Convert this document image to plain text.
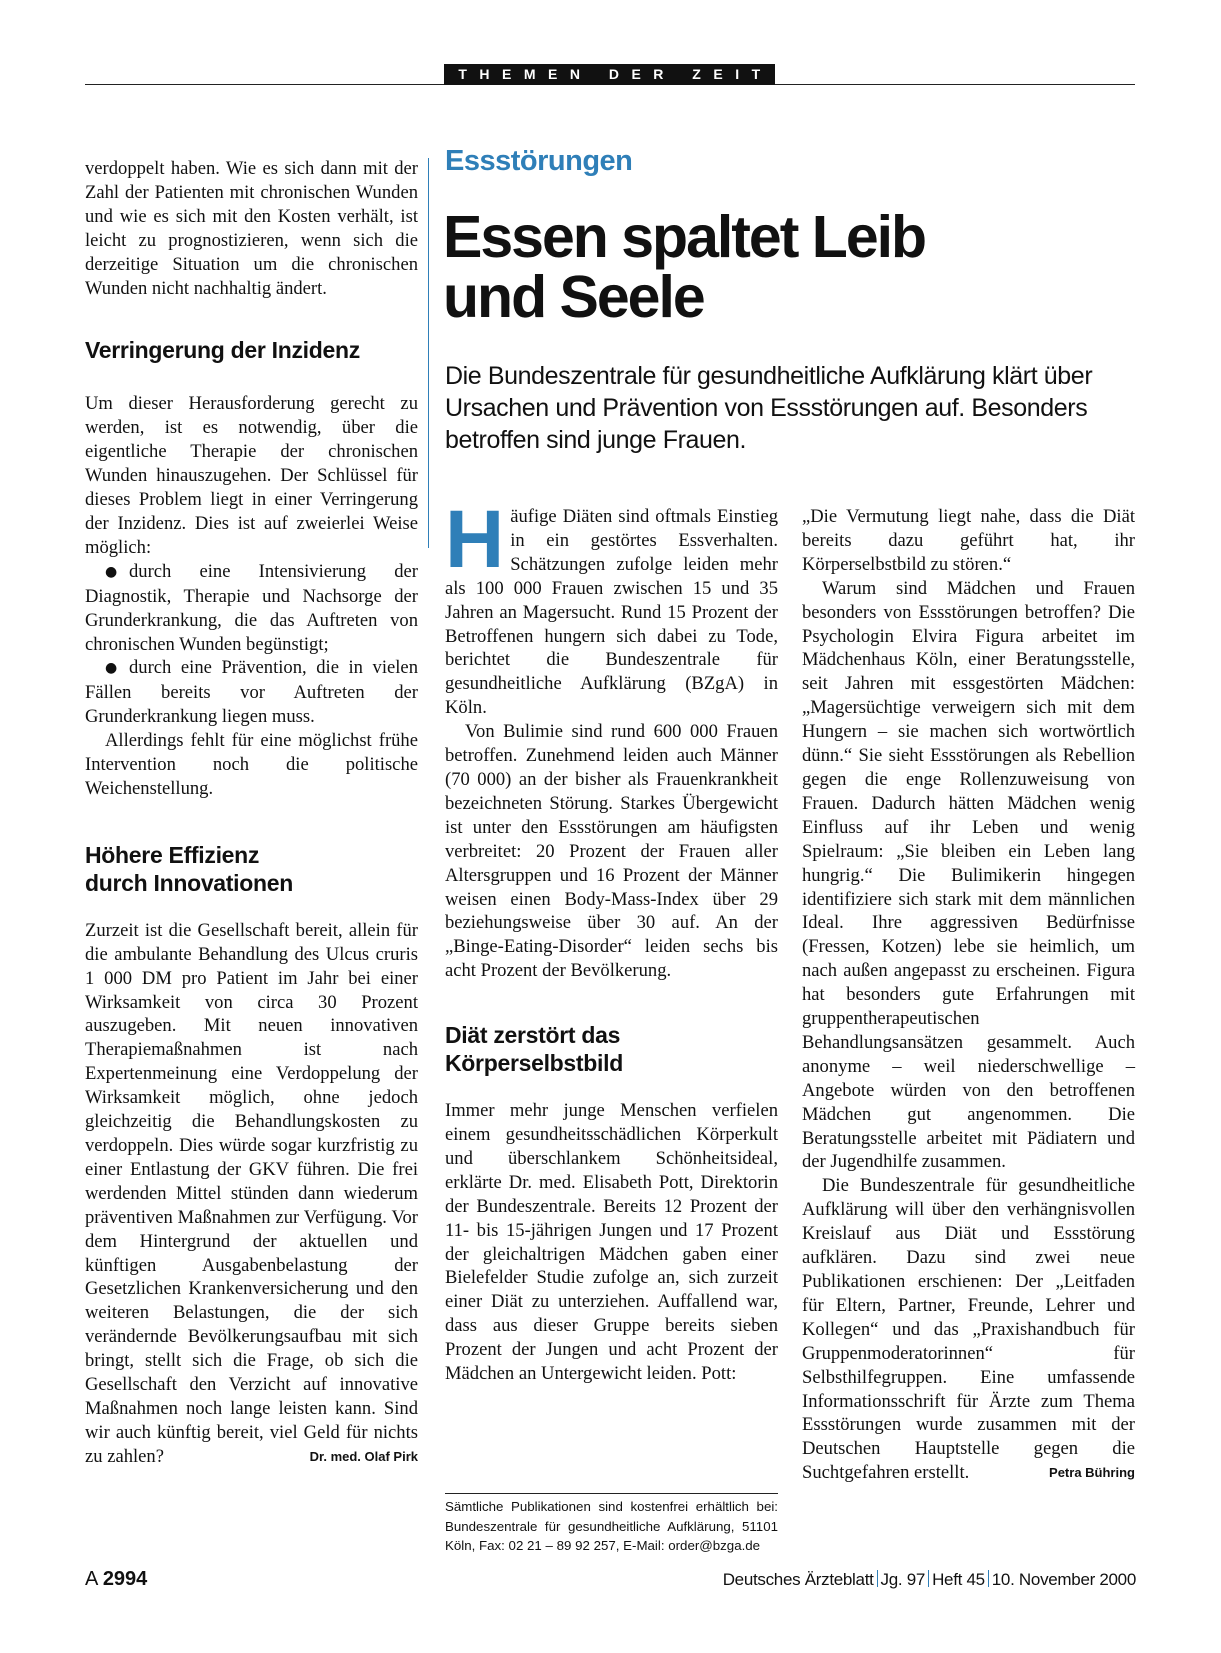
THEMEN DER ZEIT

verdoppelt haben. Wie es sich dann mit der Zahl der Patienten mit chronischen Wunden und wie es sich mit den Kosten verhält, ist leicht zu prognostizieren, wenn sich die derzeitige Situation um die chronischen Wunden nicht nachhaltig ändert.

Verringerung der Inzidenz

Um dieser Herausforderung gerecht zu werden, ist es notwendig, über die eigentliche Therapie der chronischen Wunden hinauszugehen. Der Schlüssel für dieses Problem liegt in einer Verringerung der Inzidenz. Dies ist auf zweierlei Weise möglich:

● durch eine Intensivierung der Diagnostik, Therapie und Nachsorge der Grunderkrankung, die das Auftreten von chronischen Wunden begünstigt;

● durch eine Prävention, die in vielen Fällen bereits vor Auftreten der Grunderkrankung liegen muss.

Allerdings fehlt für eine möglichst frühe Intervention noch die politische Weichenstellung.

Höhere Effizienz
durch Innovationen

Zurzeit ist die Gesellschaft bereit, allein für die ambulante Behandlung des Ulcus cruris 1 000 DM pro Patient im Jahr bei einer Wirksamkeit von circa 30 Prozent auszugeben. Mit neuen innovativen Therapiemaßnahmen ist nach Expertenmeinung eine Verdoppelung der Wirksamkeit möglich, ohne jedoch gleichzeitig die Behandlungskosten zu verdoppeln. Dies würde sogar kurzfristig zu einer Entlastung der GKV führen. Die frei werdenden Mittel stünden dann wiederum präventiven Maßnahmen zur Verfügung. Vor dem Hintergrund der aktuellen und künftigen Ausgabenbelastung der Gesetzlichen Krankenversicherung und den weiteren Belastungen, die der sich verändernde Bevölkerungsaufbau mit sich bringt, stellt sich die Frage, ob sich die Gesellschaft den Verzicht auf innovative Maßnahmen noch lange leisten kann. Sind wir auch künftig bereit, viel Geld für nichts zu zahlen?	Dr. med. Olaf Pirk

Essstörungen
Essen spaltet Leib
und Seele
Die Bundeszentrale für gesundheitliche Aufklärung klärt über Ursachen und Prävention von Essstörungen auf. Besonders betroffen sind junge Frauen.

Häufige Diäten sind oftmals Einstieg in ein gestörtes Essverhalten. Schätzungen zufolge leiden mehr als 100 000 Frauen zwischen 15 und 35 Jahren an Magersucht. Rund 15 Prozent der Betroffenen hungern sich dabei zu Tode, berichtet die Bundeszentrale für gesundheitliche Aufklärung (BZgA) in Köln.

Von Bulimie sind rund 600 000 Frauen betroffen. Zunehmend leiden auch Männer (70 000) an der bisher als Frauenkrankheit bezeichneten Störung. Starkes Übergewicht ist unter den Essstörungen am häufigsten verbreitet: 20 Prozent der Frauen aller Altersgruppen und 16 Prozent der Männer weisen einen Body-Mass-Index über 29 beziehungsweise über 30 auf. An der „Binge-Eating-Disorder“ leiden sechs bis acht Prozent der Bevölkerung.

Diät zerstört das
Körperselbstbild

Immer mehr junge Menschen verfielen einem gesundheitsschädlichen Körperkult und überschlankem Schönheitsideal, erklärte Dr. med. Elisabeth Pott, Direktorin der Bundeszentrale. Bereits 12 Prozent der 11- bis 15-jährigen Jungen und 17 Prozent der gleichaltrigen Mädchen gaben einer Bielefelder Studie zufolge an, sich zurzeit einer Diät zu unterziehen. Auffallend war, dass aus dieser Gruppe bereits sieben Prozent der Jungen und acht Prozent der Mädchen an Untergewicht leiden. Pott:

Sämtliche Publikationen sind kostenfrei erhältlich bei: Bundeszentrale für gesundheitliche Aufklärung, 51101 Köln, Fax: 02 21 – 89 92 257, E-Mail: order@bzga.de

„Die Vermutung liegt nahe, dass die Diät bereits dazu geführt hat, ihr Körperselbstbild zu stören.“

Warum sind Mädchen und Frauen besonders von Essstörungen betroffen? Die Psychologin Elvira Figura arbeitet im Mädchenhaus Köln, einer Beratungsstelle, seit Jahren mit essgestörten Mädchen: „Magersüchtige verweigern sich mit dem Hungern – sie machen sich wortwörtlich dünn.“ Sie sieht Essstörungen als Rebellion gegen die enge Rollenzuweisung von Frauen. Dadurch hätten Mädchen wenig Einfluss auf ihr Leben und wenig Spielraum: „Sie bleiben ein Leben lang hungrig.“ Die Bulimikerin hingegen identifiziere sich stark mit dem männlichen Ideal. Ihre aggressiven Bedürfnisse (Fressen, Kotzen) lebe sie heimlich, um nach außen angepasst zu erscheinen. Figura hat besonders gute Erfahrungen mit gruppentherapeutischen Behandlungsansätzen gesammelt. Auch anonyme – weil niederschwellige – Angebote würden von den betroffenen Mädchen gut angenommen. Die Beratungsstelle arbeitet mit Pädiatern und der Jugendhilfe zusammen.

Die Bundeszentrale für gesundheitliche Aufklärung will über den verhängnisvollen Kreislauf aus Diät und Essstörung aufklären. Dazu sind zwei neue Publikationen erschienen: Der „Leitfaden für Eltern, Partner, Freunde, Lehrer und Kollegen“ und das „Praxishandbuch für Gruppenmoderatorinnen“ für Selbsthilfegruppen. Eine umfassende Informationsschrift für Ärzte zum Thema Essstörungen wurde zusammen mit der Deutschen Hauptstelle gegen die Suchtgefahren erstellt.	Petra Bühring

A 2994	Deutsches Ärzteblatt Jg. 97 Heft 45 10. November 2000
